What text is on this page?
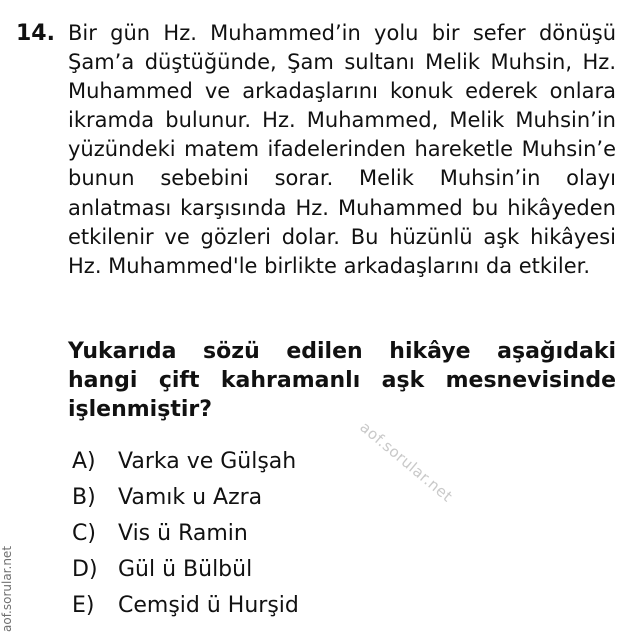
14. Bir gün Hz. Muhammed’in yolu bir sefer dönüşü Şam’a düştüğünde, Şam sultanı Melik Muhsin, Hz. Muhammed ve arkadaşlarını konuk ederek onlara ikramda bulunur. Hz. Muhammed, Melik Muhsin’in yüzündeki matem ifadelerinden hareketle Muhsin’e bunun sebebini sorar. Melik Muhsin’in olayı anlatması karşısında Hz. Muhammed bu hikâyeden etkilenir ve gözleri dolar. Bu hüzünlü aşk hikâyesi Hz. Muhammed'le birlikte arkadaşlarını da etkiler.

Yukarıda sözü edilen hikâye aşağıdaki hangi çift kahramanlı aşk mesnevisinde işlenmiştir?

A)	Varka ve Gülşah
B)	Vamık u Azra
C)	Vis ü Ramin
D) Gül ü Bülbül
E)	Cemşid ü Hurşid
aof.sorular.net
aof.sorular.net
